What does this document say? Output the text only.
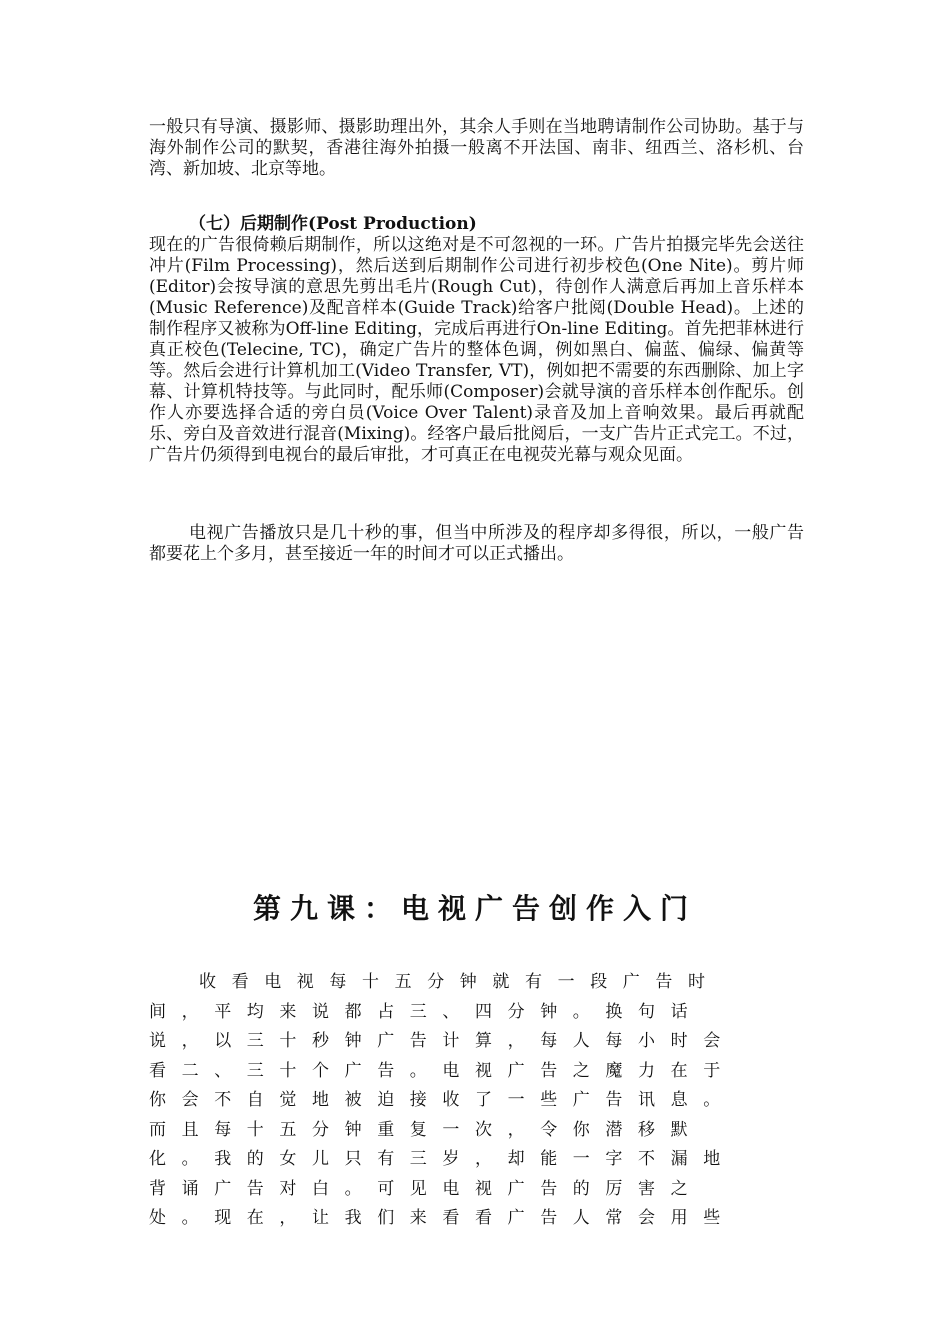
一般只有导演、摄影师、摄影助理出外，其余人手则在当地聘请制作公司协助。基于与海外制作公司的默契，香港往海外拍摄一般离不开法国、南非、纽西兰、洛杉机、台湾、新加坡、北京等地。

（七）后期制作(Post Production)

现在的广告很倚赖后期制作，所以这绝对是不可忽视的一环。广告片拍摄完毕先会送往冲片(Film Processing)，然后送到后期制作公司进行初步校色(One Nite)。剪片师(Editor)会按导演的意思先剪出毛片(Rough Cut)，待创作人满意后再加上音乐样本(Music Reference)及配音样本(Guide Track)给客户批阅(Double Head)。上述的制作程序又被称为Off-line Editing，完成后再进行On-line Editing。首先把菲林进行真正校色(Telecine, TC)，确定广告片的整体色调，例如黑白、偏蓝、偏绿、偏黄等等。然后会进行计算机加工(Video Transfer, VT)，例如把不需要的东西删除、加上字幕、计算机特技等。与此同时，配乐师(Composer)会就导演的音乐样本创作配乐。创作人亦要选择合适的旁白员(Voice Over Talent)录音及加上音响效果。最后再就配乐、旁白及音效进行混音(Mixing)。经客户最后批阅后，一支广告片正式完工。不过，广告片仍须得到电视台的最后审批，才可真正在电视荧光幕与观众见面。

电视广告播放只是几十秒的事，但当中所涉及的程序却多得很，所以，一般广告 都要花上个多月，甚至接近一年的时间才可以正式播出。

第九课：电视广告创作入门

收看电视每十五分钟就有一段广告时

间，平均来说都占三、四分钟。换句话

说，以三十秒钟广告计算，每人每小时会

看二、三十个广告。电视广告之魔力在于

你会不自觉地被迫接收了一些广告讯息。

而且每十五分钟重复一次，令你潜移默

化。我的女儿只有三岁，却能一字不漏地

背诵广告对白。可见电视广告的厉害之

处。现在，让我们来看看广告人常会用些
